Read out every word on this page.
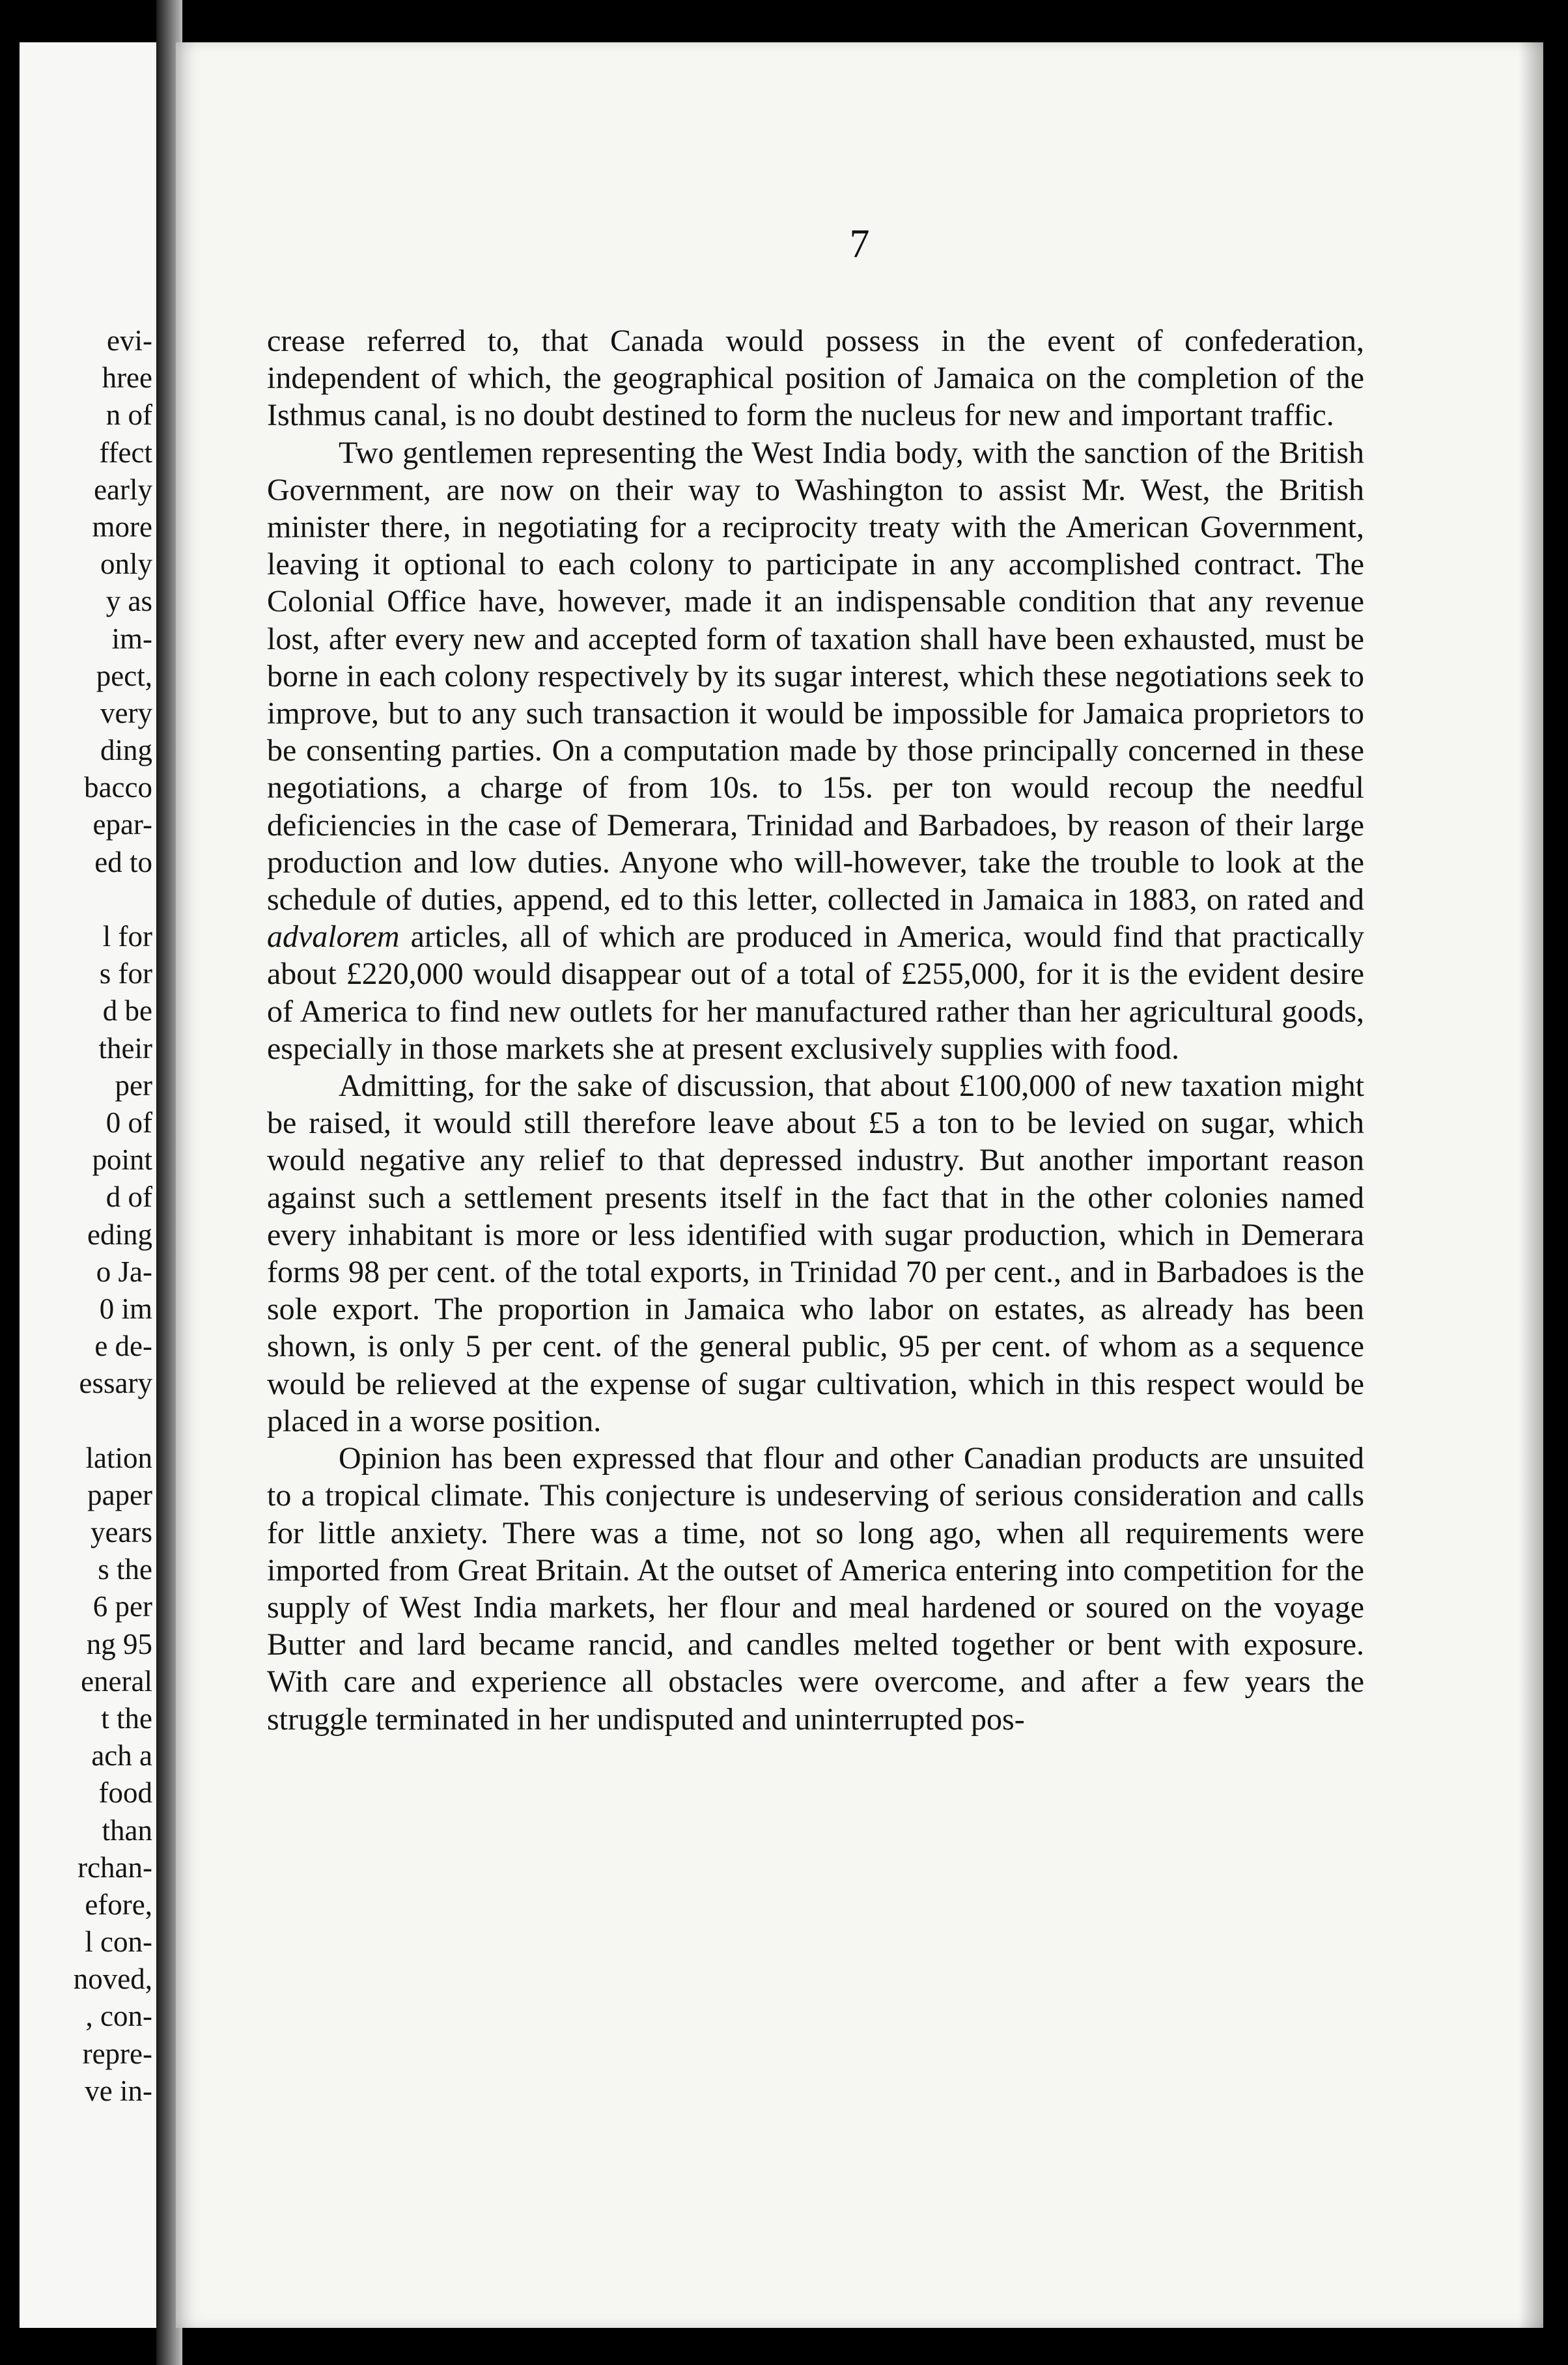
evi-
hree
n of
ffect
early
more
only
y as
im-
pect,
very
ding
bacco
epar-
ed to
l for
s for
d be
their
per
0 of
point
d of
eding
o Ja-
0 im
e de-
essary
lation
paper
years
s the
6 per
ng 95
eneral
t the
ach a
food
than
rchan-
efore,
l con-
noved,
, con-
repre-
ve in-
7

crease referred to, that Canada would possess in the event of confederation, independent of which, the geographical position of Jamaica on the completion of the Isthmus canal, is no doubt destined to form the nucleus for new and important traffic.

Two gentlemen representing the West India body, with the sanction of the British Government, are now on their way to Washington to assist Mr. West, the British minister there, in negotiating for a reciprocity treaty with the American Government, leaving it optional to each colony to participate in any accomplished contract. The Colonial Office have, however, made it an indispensable condition that any revenue lost, after every new and accepted form of taxation shall have been exhausted, must be borne in each colony respectively by its sugar interest, which these negotiations seek to improve, but to any such transaction it would be impossible for Jamaica proprietors to be consenting parties. On a computation made by those principally concerned in these negotiations, a charge of from 10s. to 15s. per ton would recoup the needful deficiencies in the case of Demerara, Trinidad and Barbadoes, by reason of their large production and low duties. Anyone who will-however, take the trouble to look at the schedule of duties, append, ed to this letter, collected in Jamaica in 1883, on rated and advalorem articles, all of which are produced in America, would find that practically about £220,000 would disappear out of a total of £255,000, for it is the evident desire of America to find new outlets for her manufactured rather than her agricultural goods, especially in those markets she at present exclusively supplies with food.

Admitting, for the sake of discussion, that about £100,000 of new taxation might be raised, it would still therefore leave about £5 a ton to be levied on sugar, which would negative any relief to that depressed industry. But another important reason against such a settlement presents itself in the fact that in the other colonies named every inhabitant is more or less identified with sugar production, which in Demerara forms 98 per cent. of the total exports, in Trinidad 70 per cent., and in Barbadoes is the sole export. The proportion in Jamaica who labor on estates, as already has been shown, is only 5 per cent. of the general public, 95 per cent. of whom as a sequence would be relieved at the expense of sugar cultivation, which in this respect would be placed in a worse position.

Opinion has been expressed that flour and other Canadian products are unsuited to a tropical climate. This conjecture is undeserving of serious consideration and calls for little anxiety. There was a time, not so long ago, when all requirements were imported from Great Britain. At the outset of America entering into competition for the supply of West India markets, her flour and meal hardened or soured on the voyage Butter and lard became rancid, and candles melted together or bent with exposure. With care and experience all obstacles were overcome, and after a few years the struggle terminated in her undisputed and uninterrupted pos-
